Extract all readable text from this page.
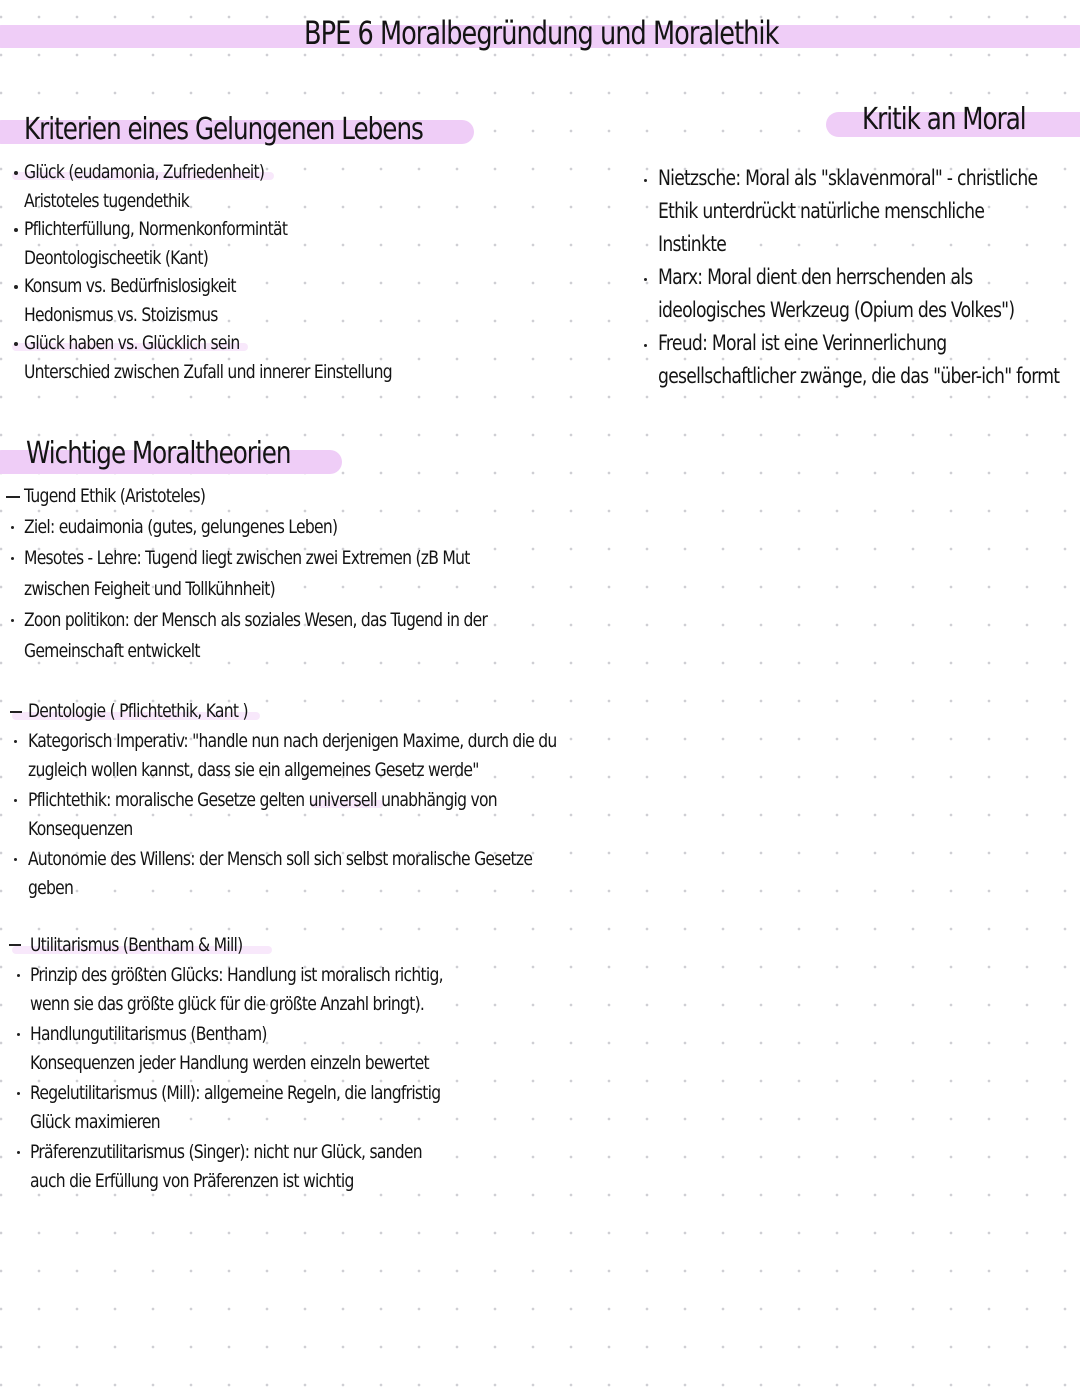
BPE 6 Moralbegründung und Moralethik
Kriterien eines Gelungenen Lebens
Glück (eudamonia, Zufriedenheit)
Aristoteles tugendethik
Pflichterfüllung, Normenkonformintät
Deontologischeetik (Kant)
Konsum vs. Bedürfnislosigkeit
Hedonismus vs. Stoizismus
Glück haben vs. Glücklich sein
Unterschied zwischen Zufall und innerer Einstellung
Kritik an Moral
Nietzsche: Moral als "sklavenmoral" - christliche
Ethik unterdrückt natürliche menschliche
Instinkte
Marx: Moral dient den herrschenden als
ideologisches Werkzeug (Opium des Volkes")
Freud: Moral ist eine Verinnerlichung
gesellschaftlicher zwänge, die das "über-ich" formt
Wichtige Moraltheorien
Tugend Ethik (Aristoteles)
Ziel: eudaimonia (gutes, gelungenes Leben)
Mesotes - Lehre: Tugend liegt zwischen zwei Extremen (zB Mut
zwischen Feigheit und Tollkühnheit)
Zoon politikon: der Mensch als soziales Wesen, das Tugend in der
Gemeinschaft entwickelt
Dentologie ( Pflichtethik, Kant )
Kategorisch Imperativ: "handle nun nach derjenigen Maxime, durch die du
zugleich wollen kannst, dass sie ein allgemeines Gesetz werde"
Pflichtethik: moralische Gesetze gelten universell unabhängig von
Konsequenzen
Autonomie des Willens: der Mensch soll sich selbst moralische Gesetze
geben
Utilitarismus (Bentham & Mill)
Prinzip des größten Glücks: Handlung ist moralisch richtig,
wenn sie das größte glück für die größte Anzahl bringt).
Handlungutilitarismus (Bentham)
Konsequenzen jeder Handlung werden einzeln bewertet
Regelutilitarismus (Mill): allgemeine Regeln, die langfristig
Glück maximieren
Präferenzutilitarismus (Singer): nicht nur Glück, sanden
auch die Erfüllung von Präferenzen ist wichtig
